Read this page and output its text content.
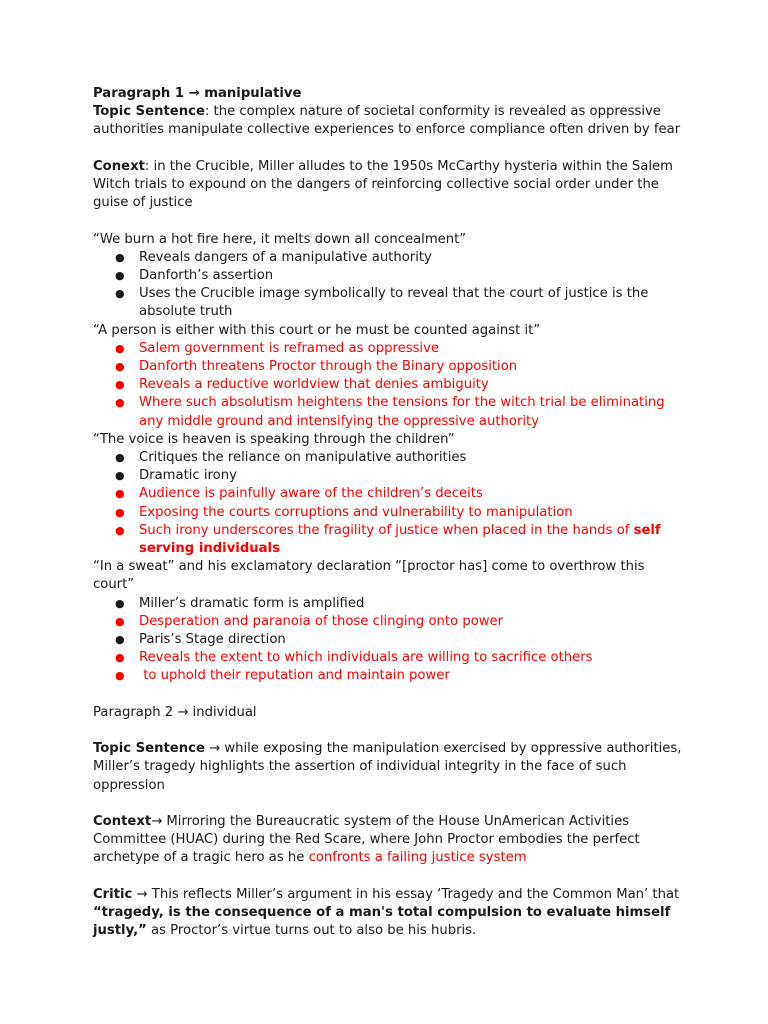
Paragraph 1 → manipulative

Topic Sentence: the complex nature of societal conformity is revealed as oppressive authorities manipulate collective experiences to enforce compliance often driven by fear

Conext: in the Crucible, Miller alludes to the 1950s McCarthy hysteria within the Salem Witch trials to expound on the dangers of reinforcing collective social order under the guise of justice

“We burn a hot fire here, it melts down all concealment”

● Reveals dangers of a manipulative authority
● Danforth’s assertion
● Uses the Crucible image symbolically to reveal that the court of justice is the absolute truth

“A person is either with this court or he must be counted against it”

● Salem government is reframed as oppressive
● Danforth threatens Proctor through the Binary opposition
● Reveals a reductive worldview that denies ambiguity
● Where such absolutism heightens the tensions for the witch trial be eliminating any middle ground and intensifying the oppressive authority

“The voice is heaven is speaking through the children”

● Critiques the reliance on manipulative authorities
● Dramatic irony
● Audience is painfully aware of the children’s deceits
● Exposing the courts corruptions and vulnerability to manipulation
● Such irony underscores the fragility of justice when placed in the hands of self serving individuals

“In a sweat” and his exclamatory declaration “[proctor has] come to overthrow this court”

● Miller’s dramatic form is amplified
● Desperation and paranoia of those clinging onto power
● Paris’s Stage direction
● Reveals the extent to which individuals are willing to sacrifice others
● to uphold their reputation and maintain power

Paragraph 2 → individual

Topic Sentence → while exposing the manipulation exercised by oppressive authorities, Miller’s tragedy highlights the assertion of individual integrity in the face of such oppression

Context→ Mirroring the Bureaucratic system of the House UnAmerican Activities Committee (HUAC) during the Red Scare, where John Proctor embodies the perfect archetype of a tragic hero as he confronts a failing justice system

Critic → This reflects Miller’s argument in his essay ‘Tragedy and the Common Man’ that “tragedy, is the consequence of a man's total compulsion to evaluate himself justly,” as Proctor’s virtue turns out to also be his hubris.
